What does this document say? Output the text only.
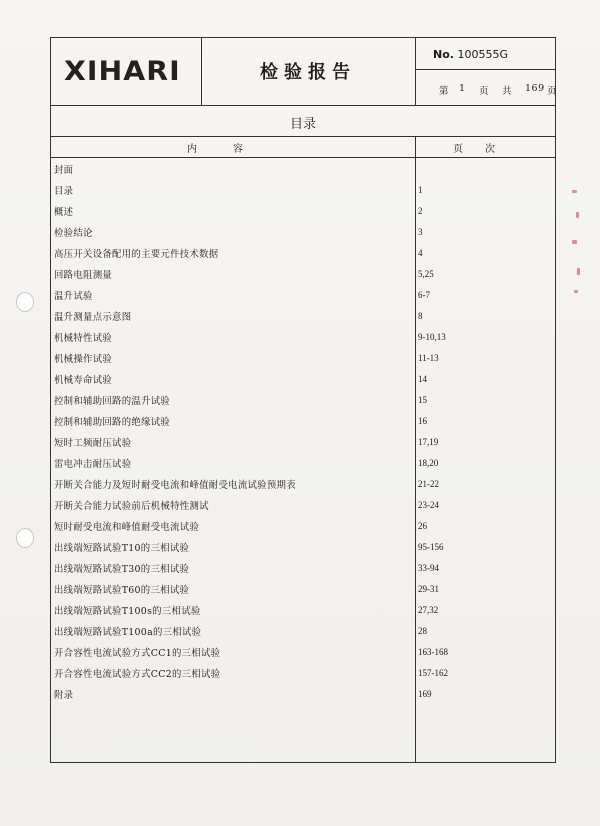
XIHARI	检验报告
No. 100555G
第 1 页 共 169 页
$_{目录}$
内容	页次
封面
目录	1
概述	2
检验结论	3
高压开关设备配用的主要元件技术数据	4
回路电阻测量	5,25
温升试验	6-7
温升测量点示意图	8
机械特性试验	9-10,13
机械操作试验	11-13
机械寿命试验	14
控制和辅助回路的温升试验	15
控制和辅助回路的绝缘试验	16
短时工频耐压试验	17,19
雷电冲击耐压试验	18,20
开断关合能力及短时耐受电流和峰值耐受电流试验预期表	21-22
开断关合能力试验前后机械特性测试	23-24
短时耐受电流和峰值耐受电流试验	26
出线端短路试验T10的三相试验	95-156
出线端短路试验T30的三相试验	33-94
出线端短路试验T60的三相试验	29-31
出线端短路试验T100s的三相试验	27,32
出线端短路试验T100a的三相试验	28
开合容性电流试验方式CC1的三相试验	163-168
开合容性电流试验方式CC2的三相试验	157-162
附录	169
